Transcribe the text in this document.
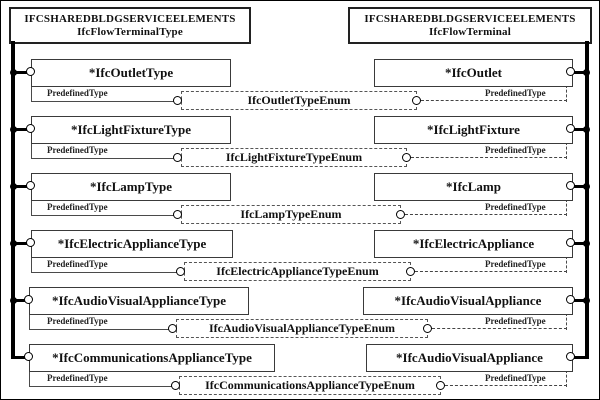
IFCSHAREDBLDGSERVICEELEMENTS
IfcFlowTerminalType
IFCSHAREDBLDGSERVICEELEMENTS
IfcFlowTerminal
*IfcOutletType
PredefinedType	IfcOutletTypeEnum	PredefinedType
*IfcOutlet
*IfcLightFixtureType
PredefinedType	IfcLightFixtureTypeEnum	PredefinedType
*IfcLightFixture
*IfcLampType
PredefinedType	IfcLampTypeEnum	PredefinedType
*IfcLamp
*IfcElectricApplianceType
PredefinedType	IfcElectricApplianceTypeEnum	PredefinedType
*IfcElectricAppliance
*IfcAudioVisualApplianceType
PredefinedType	IfcAudioVisualApplianceTypeEnum	PredefinedType
*IfcAudioVisualAppliance
*IfcCommunicationsApplianceType
PredefinedType	IfcCommunicationsApplianceTypeEnum	PredefinedType
*IfcAudioVisualAppliance
